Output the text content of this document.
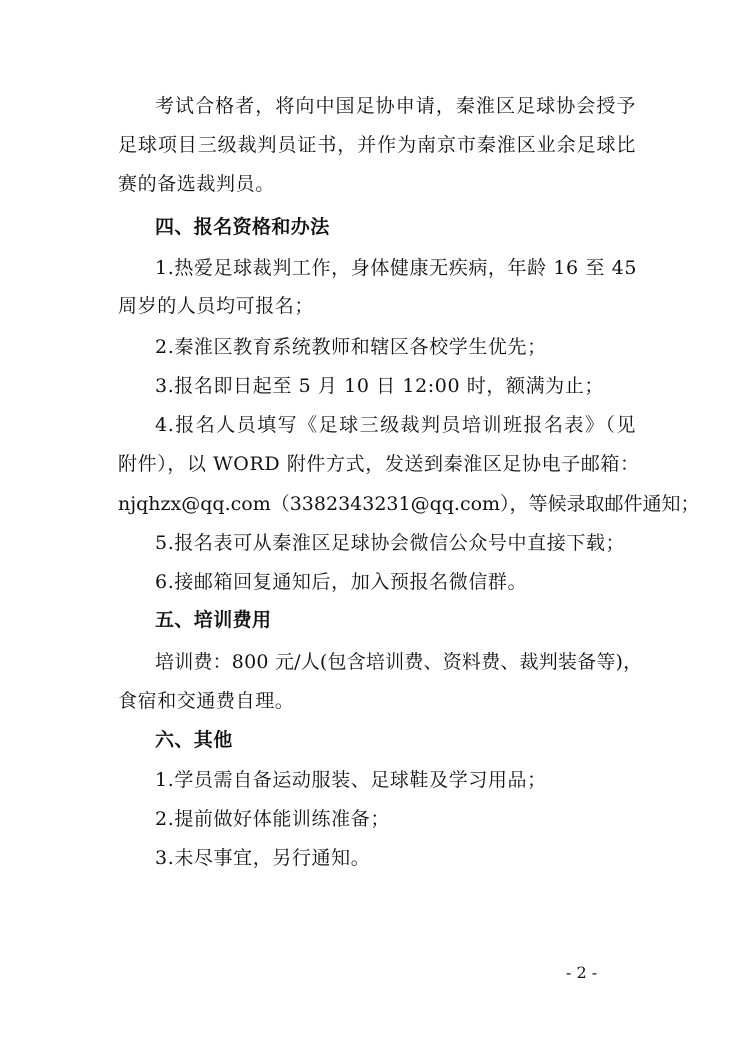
考试合格者，将向中国足协申请，秦淮区足球协会授予
足球项目三级裁判员证书，并作为南京市秦淮区业余足球比
赛的备选裁判员。
四、报名资格和办法
1.热爱足球裁判工作，身体健康无疾病，年龄 16 至 45
周岁的人员均可报名；
2.秦淮区教育系统教师和辖区各校学生优先；
3.报名即日起至 5 月 10 日 12:00 时，额满为止；
4.报名人员填写《足球三级裁判员培训班报名表》（见
附件），以 WORD 附件方式，发送到秦淮区足协电子邮箱：
njqhzx@qq.com（3382343231@qq.com），等候录取邮件通知；
5.报名表可从秦淮区足球协会微信公众号中直接下载；
6.接邮箱回复通知后，加入预报名微信群。
五、培训费用
培训费：800 元/人(包含培训费、资料费、裁判装备等)，
食宿和交通费自理。
六、其他
1.学员需自备运动服装、足球鞋及学习用品；
2.提前做好体能训练准备；
3.未尽事宜，另行通知。
- 2 -
